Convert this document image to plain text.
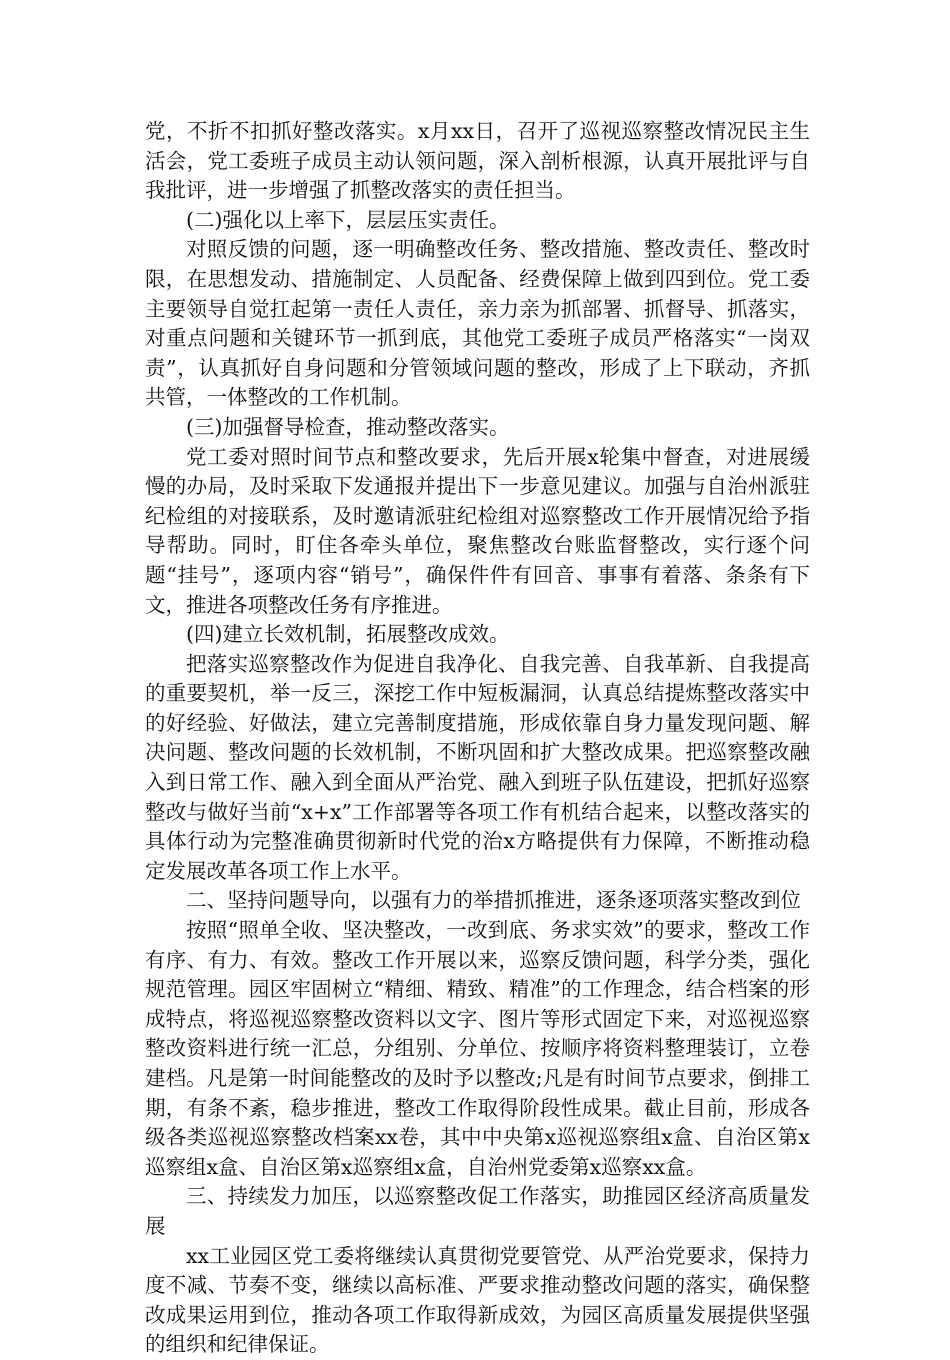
党，不折不扣抓好整改落实。x月xx日，召开了巡视巡察整改情况民主生活会，党工委班子成员主动认领问题，深入剖析根源，认真开展批评与自我批评，进一步增强了抓整改落实的责任担当。

(二)强化以上率下，层层压实责任。

对照反馈的问题，逐一明确整改任务、整改措施、整改责任、整改时限，在思想发动、措施制定、人员配备、经费保障上做到四到位。党工委主要领导自觉扛起第一责任人责任，亲力亲为抓部署、抓督导、抓落实，对重点问题和关键环节一抓到底，其他党工委班子成员严格落实“一岗双责”，认真抓好自身问题和分管领域问题的整改，形成了上下联动，齐抓共管，一体整改的工作机制。

(三)加强督导检查，推动整改落实。

党工委对照时间节点和整改要求，先后开展x轮集中督查，对进展缓慢的办局，及时采取下发通报并提出下一步意见建议。加强与自治州派驻纪检组的对接联系，及时邀请派驻纪检组对巡察整改工作开展情况给予指导帮助。同时，盯住各牵头单位，聚焦整改台账监督整改，实行逐个问题“挂号”，逐项内容“销号”，确保件件有回音、事事有着落、条条有下文，推进各项整改任务有序推进。

(四)建立长效机制，拓展整改成效。

把落实巡察整改作为促进自我净化、自我完善、自我革新、自我提高的重要契机，举一反三，深挖工作中短板漏洞，认真总结提炼整改落实中的好经验、好做法，建立完善制度措施，形成依靠自身力量发现问题、解决问题、整改问题的长效机制，不断巩固和扩大整改成果。把巡察整改融入到日常工作、融入到全面从严治党、融入到班子队伍建设，把抓好巡察整改与做好当前“x+x”工作部署等各项工作有机结合起来，以整改落实的具体行动为完整准确贯彻新时代党的治x方略提供有力保障，不断推动稳定发展改革各项工作上水平。

二、坚持问题导向，以强有力的举措抓推进，逐条逐项落实整改到位

按照“照单全收、坚决整改，一改到底、务求实效”的要求，整改工作有序、有力、有效。整改工作开展以来，巡察反馈问题，科学分类，强化规范管理。园区牢固树立“精细、精致、精准”的工作理念，结合档案的形成特点，将巡视巡察整改资料以文字、图片等形式固定下来，对巡视巡察整改资料进行统一汇总，分组别、分单位、按顺序将资料整理装订，立卷建档。凡是第一时间能整改的及时予以整改;凡是有时间节点要求，倒排工期，有条不紊，稳步推进，整改工作取得阶段性成果。截止目前，形成各级各类巡视巡察整改档案xx卷，其中中央第x巡视巡察组x盒、自治区第x巡察组x盒、自治区第x巡察组x盒，自治州党委第x巡察xx盒。

三、持续发力加压，以巡察整改促工作落实，助推园区经济高质量发展

xx工业园区党工委将继续认真贯彻党要管党、从严治党要求，保持力度不减、节奏不变，继续以高标准、严要求推动整改问题的落实，确保整改成果运用到位，推动各项工作取得新成效，为园区高质量发展提供坚强的组织和纪律保证。
